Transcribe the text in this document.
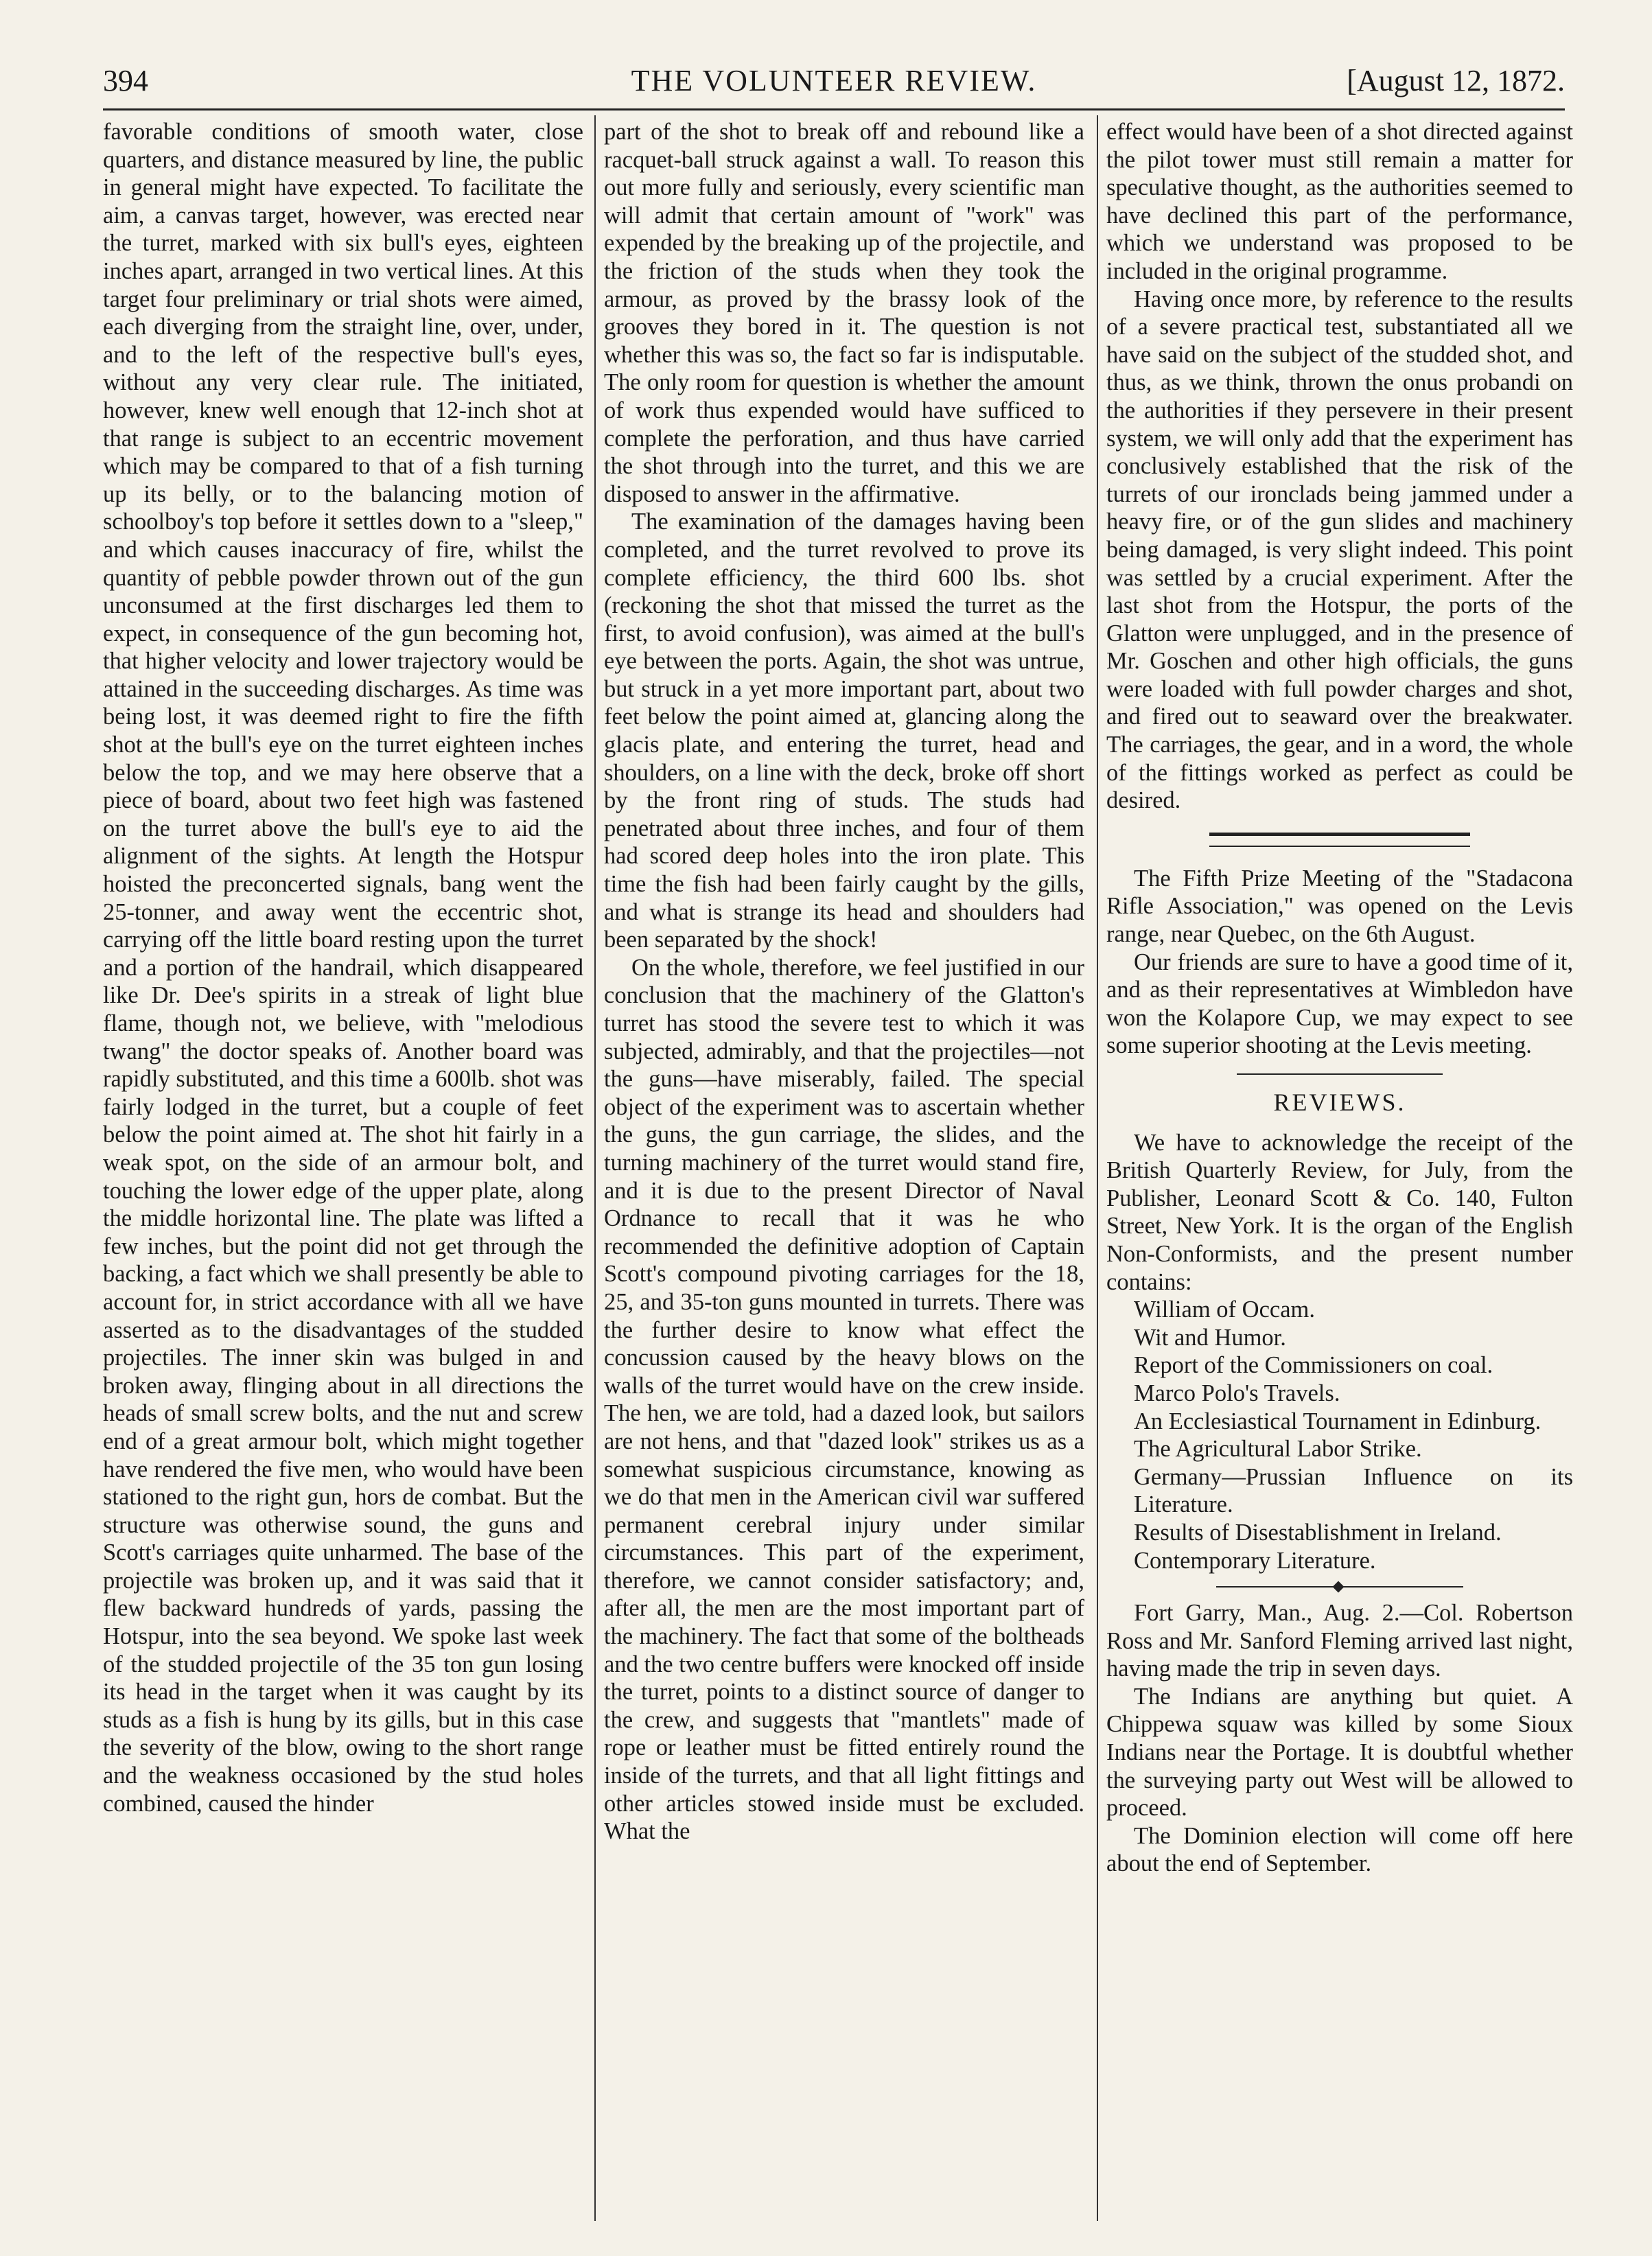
394	THE VOLUNTEER REVIEW.	[August 12, 1872.

favorable conditions of smooth water, close quarters, and distance measured by line, the public in general might have expected. To facilitate the aim, a canvas target, however, was erected near the turret, marked with six bull's eyes, eighteen inches apart, arranged in two vertical lines. At this target four preliminary or trial shots were aimed, each diverging from the straight line, over, under, and to the left of the respective bull's eyes, without any very clear rule. The initiated, however, knew well enough that 12-inch shot at that range is subject to an eccentric movement which may be compared to that of a fish turning up its belly, or to the balancing motion of schoolboy's top before it settles down to a "sleep," and which causes inaccuracy of fire, whilst the quantity of pebble powder thrown out of the gun unconsumed at the first discharges led them to expect, in consequence of the gun becoming hot, that higher velocity and lower trajectory would be attained in the succeeding discharges. As time was being lost, it was deemed right to fire the fifth shot at the bull's eye on the turret eighteen inches below the top, and we may here observe that a piece of board, about two feet high was fastened on the turret above the bull's eye to aid the alignment of the sights. At length the Hotspur hoisted the preconcerted signals, bang went the 25-tonner, and away went the eccentric shot, carrying off the little board resting upon the turret and a portion of the handrail, which disappeared like Dr. Dee's spirits in a streak of light blue flame, though not, we believe, with "melodious twang" the doctor speaks of. Another board was rapidly substituted, and this time a 600lb. shot was fairly lodged in the turret, but a couple of feet below the point aimed at. The shot hit fairly in a weak spot, on the side of an armour bolt, and touching the lower edge of the upper plate, along the middle horizontal line. The plate was lifted a few inches, but the point did not get through the backing, a fact which we shall presently be able to account for, in strict accordance with all we have asserted as to the disadvantages of the studded projectiles. The inner skin was bulged in and broken away, flinging about in all directions the heads of small screw bolts, and the nut and screw end of a great armour bolt, which might together have rendered the five men, who would have been stationed to the right gun, hors de combat. But the structure was otherwise sound, the guns and Scott's carriages quite unharmed. The base of the projectile was broken up, and it was said that it flew backward hundreds of yards, passing the Hotspur, into the sea beyond. We spoke last week of the studded projectile of the 35 ton gun losing its head in the target when it was caught by its studs as a fish is hung by its gills, but in this case the severity of the blow, owing to the short range and the weakness occasioned by the stud holes combined, caused the hinder

part of the shot to break off and rebound like a racquet-ball struck against a wall. To reason this out more fully and seriously, every scientific man will admit that certain amount of "work" was expended by the breaking up of the projectile, and the friction of the studs when they took the armour, as proved by the brassy look of the grooves they bored in it. The question is not whether this was so, the fact so far is indisputable. The only room for question is whether the amount of work thus expended would have sufficed to complete the perforation, and thus have carried the shot through into the turret, and this we are disposed to answer in the affirmative.

The examination of the damages having been completed, and the turret revolved to prove its complete efficiency, the third 600 lbs. shot (reckoning the shot that missed the turret as the first, to avoid confusion), was aimed at the bull's eye between the ports. Again, the shot was untrue, but struck in a yet more important part, about two feet below the point aimed at, glancing along the glacis plate, and entering the turret, head and shoulders, on a line with the deck, broke off short by the front ring of studs. The studs had penetrated about three inches, and four of them had scored deep holes into the iron plate. This time the fish had been fairly caught by the gills, and what is strange its head and shoulders had been separated by the shock!

On the whole, therefore, we feel justified in our conclusion that the machinery of the Glatton's turret has stood the severe test to which it was subjected, admirably, and that the projectiles—not the guns—have miserably, failed. The special object of the experiment was to ascertain whether the guns, the gun carriage, the slides, and the turning machinery of the turret would stand fire, and it is due to the present Director of Naval Ordnance to recall that it was he who recommended the definitive adoption of Captain Scott's compound pivoting carriages for the 18, 25, and 35-ton guns mounted in turrets. There was the further desire to know what effect the concussion caused by the heavy blows on the walls of the turret would have on the crew inside. The hen, we are told, had a dazed look, but sailors are not hens, and that "dazed look" strikes us as a somewhat suspicious circumstance, knowing as we do that men in the American civil war suffered permanent cerebral injury under similar circumstances. This part of the experiment, therefore, we cannot consider satisfactory; and, after all, the men are the most important part of the machinery. The fact that some of the boltheads and the two centre buffers were knocked off inside the turret, points to a distinct source of danger to the crew, and suggests that "mantlets" made of rope or leather must be fitted entirely round the inside of the turrets, and that all light fittings and other articles stowed inside must be excluded. What the

effect would have been of a shot directed against the pilot tower must still remain a matter for speculative thought, as the authorities seemed to have declined this part of the performance, which we understand was proposed to be included in the original programme.

Having once more, by reference to the results of a severe practical test, substantiated all we have said on the subject of the studded shot, and thus, as we think, thrown the onus probandi on the authorities if they persevere in their present system, we will only add that the experiment has conclusively established that the risk of the turrets of our ironclads being jammed under a heavy fire, or of the gun slides and machinery being damaged, is very slight indeed. This point was settled by a crucial experiment. After the last shot from the Hotspur, the ports of the Glatton were unplugged, and in the presence of Mr. Goschen and other high officials, the guns were loaded with full powder charges and shot, and fired out to seaward over the breakwater. The carriages, the gear, and in a word, the whole of the fittings worked as perfect as could be desired.

The Fifth Prize Meeting of the "Stadacona Rifle Association," was opened on the Levis range, near Quebec, on the 6th August.

Our friends are sure to have a good time of it, and as their representatives at Wimbledon have won the Kolapore Cup, we may expect to see some superior shooting at the Levis meeting.

REVIEWS.

We have to acknowledge the receipt of the British Quarterly Review, for July, from the Publisher, Leonard Scott & Co. 140, Fulton Street, New York. It is the organ of the English Non-Conformists, and the present number contains:

William of Occam.
Wit and Humor.
Report of the Commissioners on coal.
Marco Polo's Travels.
An Ecclesiastical Tournament in Edinburg.
The Agricultural Labor Strike.
Germany—Prussian Influence on its Literature.
Results of Disestablishment in Ireland.
Contemporary Literature.

Fort Garry, Man., Aug. 2.—Col. Robertson Ross and Mr. Sanford Fleming arrived last night, having made the trip in seven days.

The Indians are anything but quiet. A Chippewa squaw was killed by some Sioux Indians near the Portage. It is doubtful whether the surveying party out West will be allowed to proceed.

The Dominion election will come off here about the end of September.
